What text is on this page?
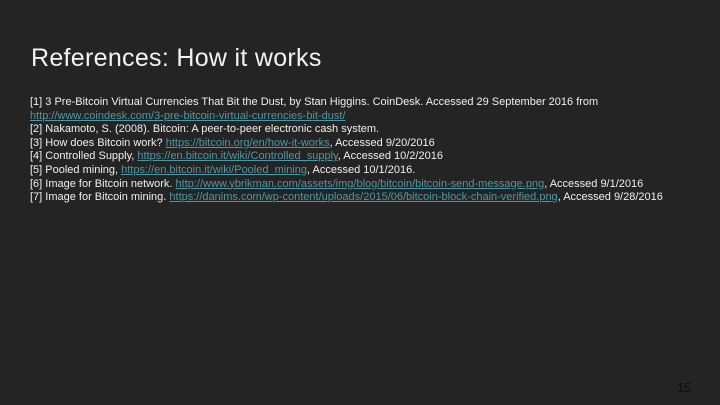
References: How it works

[1] 3 Pre-Bitcoin Virtual Currencies That Bit the Dust, by Stan Higgins. CoinDesk. Accessed 29 September 2016 from http://www.coindesk.com/3-pre-bitcoin-virtual-currencies-bit-dust/

[2] Nakamoto, S. (2008). Bitcoin: A peer-to-peer electronic cash system.

[3] How does Bitcoin work? https://bitcoin.org/en/how-it-works, Accessed 9/20/2016

[4] Controlled Supply, https://en.bitcoin.it/wiki/Controlled_supply, Accessed 10/2/2016

[5] Pooled mining, https://en.bitcoin.it/wiki/Pooled_mining, Accessed 10/1/2016.

[6] Image for Bitcoin network. http://www.ybrikman.com/assets/img/blog/bitcoin/bitcoin-send-message.png, Accessed 9/1/2016

[7] Image for Bitcoin mining. https://danims.com/wp-content/uploads/2015/06/bitcoin-block-chain-verified.png, Accessed 9/28/2016

15
